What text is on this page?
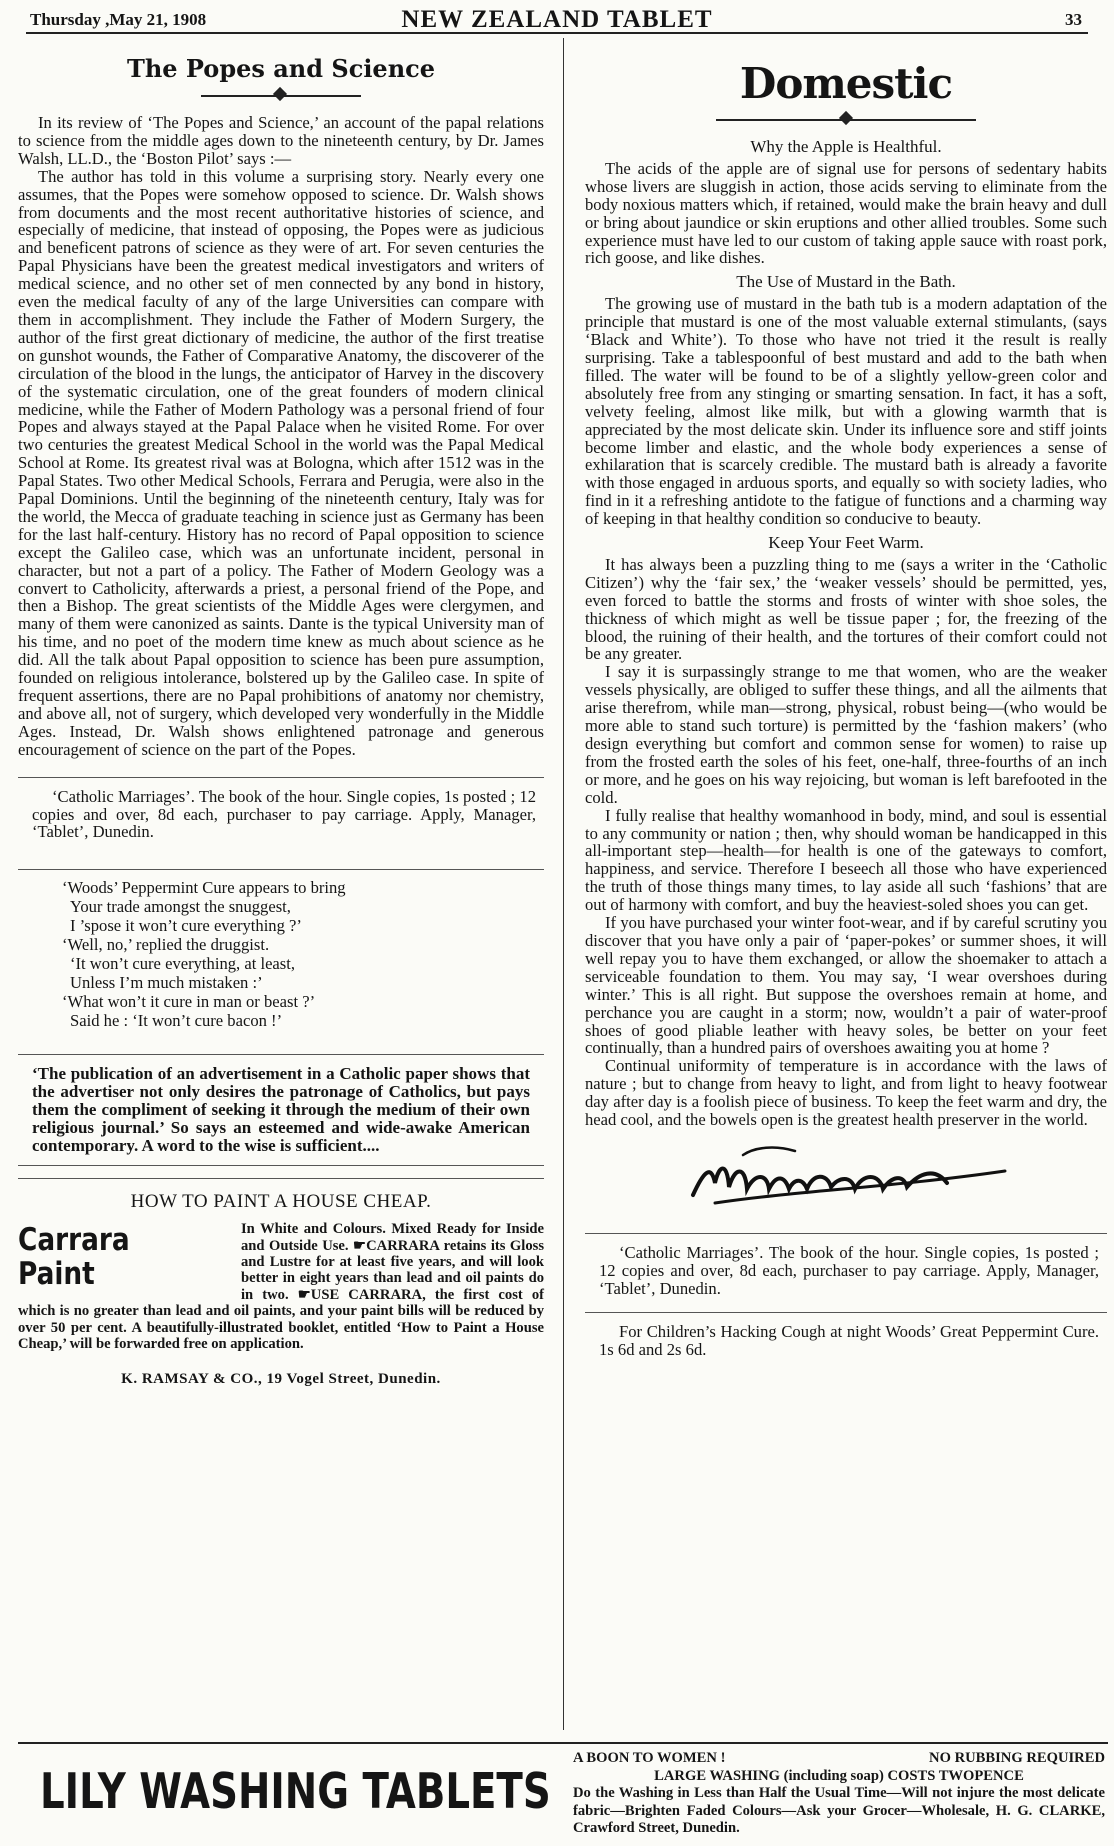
Thursday ,May 21, 1908	NEW ZEALAND TABLET	33
The Popes and Science

In its review of ‘The Popes and Science,’ an account of the papal relations to science from the middle ages down to the nineteenth century, by Dr. James Walsh, LL.D., the ‘Boston Pilot’ says :—

The author has told in this volume a surprising story. Nearly every one assumes, that the Popes were somehow opposed to science. Dr. Walsh shows from documents and the most recent authoritative histories of science, and especially of medicine, that instead of opposing, the Popes were as judicious and beneficent patrons of science as they were of art. For seven centuries the Papal Physicians have been the greatest medical investigators and writers of medical science, and no other set of men connected by any bond in history, even the medical faculty of any of the large Universities can compare with them in accomplishment. They include the Father of Modern Surgery, the author of the first great dictionary of medicine, the author of the first treatise on gunshot wounds, the Father of Comparative Anatomy, the discoverer of the circulation of the blood in the lungs, the anticipator of Harvey in the discovery of the systematic circulation, one of the great founders of modern clinical medicine, while the Father of Modern Pathology was a personal friend of four Popes and always stayed at the Papal Palace when he visited Rome. For over two centuries the greatest Medical School in the world was the Papal Medical School at Rome. Its greatest rival was at Bologna, which after 1512 was in the Papal States. Two other Medical Schools, Ferrara and Perugia, were also in the Papal Dominions. Until the beginning of the nineteenth century, Italy was for the world, the Mecca of graduate teaching in science just as Germany has been for the last half-century. History has no record of Papal opposition to science except the Galileo case, which was an unfortunate incident, personal in character, but not a part of a policy. The Father of Modern Geology was a convert to Catholicity, afterwards a priest, a personal friend of the Pope, and then a Bishop. The great scientists of the Middle Ages were clergymen, and many of them were canonized as saints. Dante is the typical University man of his time, and no poet of the modern time knew as much about science as he did. All the talk about Papal opposition to science has been pure assumption, founded on religious intolerance, bolstered up by the Galileo case. In spite of frequent assertions, there are no Papal prohibitions of anatomy nor chemistry, and above all, not of surgery, which developed very wonderfully in the Middle Ages. Instead, Dr. Walsh shows enlightened patronage and generous encouragement of science on the part of the Popes.

‘Catholic Marriages’. The book of the hour. Single copies, 1s posted ; 12 copies and over, 8d each, purchaser to pay carriage. Apply, Manager, ‘Tablet’, Dunedin.

‘Woods’ Peppermint Cure appears to bring

Your trade amongst the snuggest,

I ’spose it won’t cure everything ?’

‘Well, no,’ replied the druggist.

‘It won’t cure everything, at least,

Unless I’m much mistaken :’

‘What won’t it cure in man or beast ?’

Said he : ‘It won’t cure bacon !’

‘The publication of an advertisement in a Catholic paper shows that the advertiser not only desires the patronage of Catholics, but pays them the compliment of seeking it through the medium of their own religious journal.’ So says an esteemed and wide-awake American contemporary. A word to the wise is sufficient....
HOW TO PAINT A HOUSE CHEAP.
Carrara Paint
In White and Colours. Mixed Ready for Inside and Outside Use. ☛CARRARA retains its Gloss and Lustre for at least five years, and will look better in eight years than lead and oil paints do in two. ☛USE CARRARA, the first cost of which is no greater than lead and oil paints, and your paint bills will be reduced by over 50 per cent. A beautifully-illustrated booklet, entitled ‘How to Paint a House Cheap,’ will be forwarded free on application.
K. RAMSAY & CO., 19 Vogel Street, Dunedin.
Domestic

Why the Apple is Healthful.

The acids of the apple are of signal use for persons of sedentary habits whose livers are sluggish in action, those acids serving to eliminate from the body noxious matters which, if retained, would make the brain heavy and dull or bring about jaundice or skin eruptions and other allied troubles. Some such experience must have led to our custom of taking apple sauce with roast pork, rich goose, and like dishes.

The Use of Mustard in the Bath.

The growing use of mustard in the bath tub is a modern adaptation of the principle that mustard is one of the most valuable external stimulants, (says ‘Black and White’). To those who have not tried it the result is really surprising. Take a tablespoonful of best mustard and add to the bath when filled. The water will be found to be of a slightly yellow-green color and absolutely free from any stinging or smarting sensation. In fact, it has a soft, velvety feeling, almost like milk, but with a glowing warmth that is appreciated by the most delicate skin. Under its influence sore and stiff joints become limber and elastic, and the whole body experiences a sense of exhilaration that is scarcely credible. The mustard bath is already a favorite with those engaged in arduous sports, and equally so with society ladies, who find in it a refreshing antidote to the fatigue of functions and a charming way of keeping in that healthy condition so conducive to beauty.

Keep Your Feet Warm.

It has always been a puzzling thing to me (says a writer in the ‘Catholic Citizen’) why the ‘fair sex,’ the ‘weaker vessels’ should be permitted, yes, even forced to battle the storms and frosts of winter with shoe soles, the thickness of which might as well be tissue paper ; for, the freezing of the blood, the ruining of their health, and the tortures of their comfort could not be any greater.

I say it is surpassingly strange to me that women, who are the weaker vessels physically, are obliged to suffer these things, and all the ailments that arise therefrom, while man—strong, physical, robust being—(who would be more able to stand such torture) is permitted by the ‘fashion makers’ (who design everything but comfort and common sense for women) to raise up from the frosted earth the soles of his feet, one-half, three-fourths of an inch or more, and he goes on his way rejoicing, but woman is left barefooted in the cold.

I fully realise that healthy womanhood in body, mind, and soul is essential to any community or nation ; then, why should woman be handicapped in this all-important step—health—for health is one of the gateways to comfort, happiness, and service. Therefore I beseech all those who have experienced the truth of those things many times, to lay aside all such ‘fashions’ that are out of harmony with comfort, and buy the heaviest-soled shoes you can get.

If you have purchased your winter foot-wear, and if by careful scrutiny you discover that you have only a pair of ‘paper-pokes’ or summer shoes, it will well repay you to have them exchanged, or allow the shoemaker to attach a serviceable foundation to them. You may say, ‘I wear overshoes during winter.’ This is all right. But suppose the overshoes remain at home, and perchance you are caught in a storm; now, wouldn’t a pair of water-proof shoes of good pliable leather with heavy soles, be better on your feet continually, than a hundred pairs of overshoes awaiting you at home ?

Continual uniformity of temperature is in accordance with the laws of nature ; but to change from heavy to light, and from light to heavy footwear day after day is a foolish piece of business. To keep the feet warm and dry, the head cool, and the bowels open is the greatest health preserver in the world.

‘Catholic Marriages’. The book of the hour. Single copies, 1s posted ; 12 copies and over, 8d each, purchaser to pay carriage. Apply, Manager, ‘Tablet’, Dunedin.

For Children’s Hacking Cough at night Woods’ Great Peppermint Cure. 1s 6d and 2s 6d.

LILY WASHING TABLETS
A BOON TO WOMEN !	NO RUBBING REQUIRED
LARGE WASHING (including soap) COSTS TWOPENCE
Do the Washing in Less than Half the Usual Time—Will not injure the most delicate fabric—Brighten Faded Colours—Ask your Grocer—Wholesale, H. G. CLARKE, Crawford Street, Dunedin.
